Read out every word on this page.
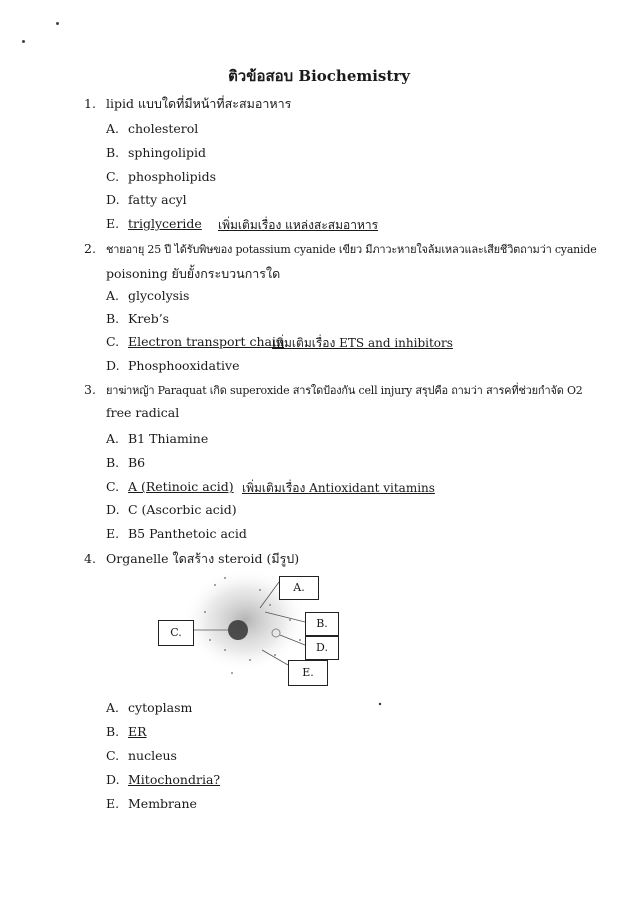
ติวข้อสอบ Biochemistry
1. lipid แบบใดที่มีหน้าที่สะสมอาหาร
A. cholesterol
B. sphingolipid
C. phospholipids
D. fatty acyl
E. triglyceride เพิ่มเติมเรื่อง แหล่งสะสมอาหาร
2. ชายอายุ 25 ปี ได้รับพิษของ potassium cyanide เขียว มีภาวะหายใจล้มเหลวและเสียชีวิตถามว่า cyanide
poisoning ยับยั้งกระบวนการใด
A. glycolysis
B. Kreb’s
C. Electron transport chain
เพิ่มเติมเรื่อง ETS and inhibitors
D. Phosphooxidative
3. ยาฆ่าหญ้า Paraquat เกิด superoxide สารใดป้องกัน cell injury สรุปคือ ถามว่า สารคที่ช่วยกำจัด O2
free radical
A. B1 Thiamine
B. B6
C. A (Retinoic acid) เพิ่มเติมเรื่อง Antioxidant vitamins
D. C (Ascorbic acid)
E. B5 Panthetoic acid
4. Organelle ใดสร้าง steroid (มีรูป)
A.
B.
C.
D.
E.
A. cytoplasm
B. ER
C. nucleus
D. Mitochondria?
E. Membrane
